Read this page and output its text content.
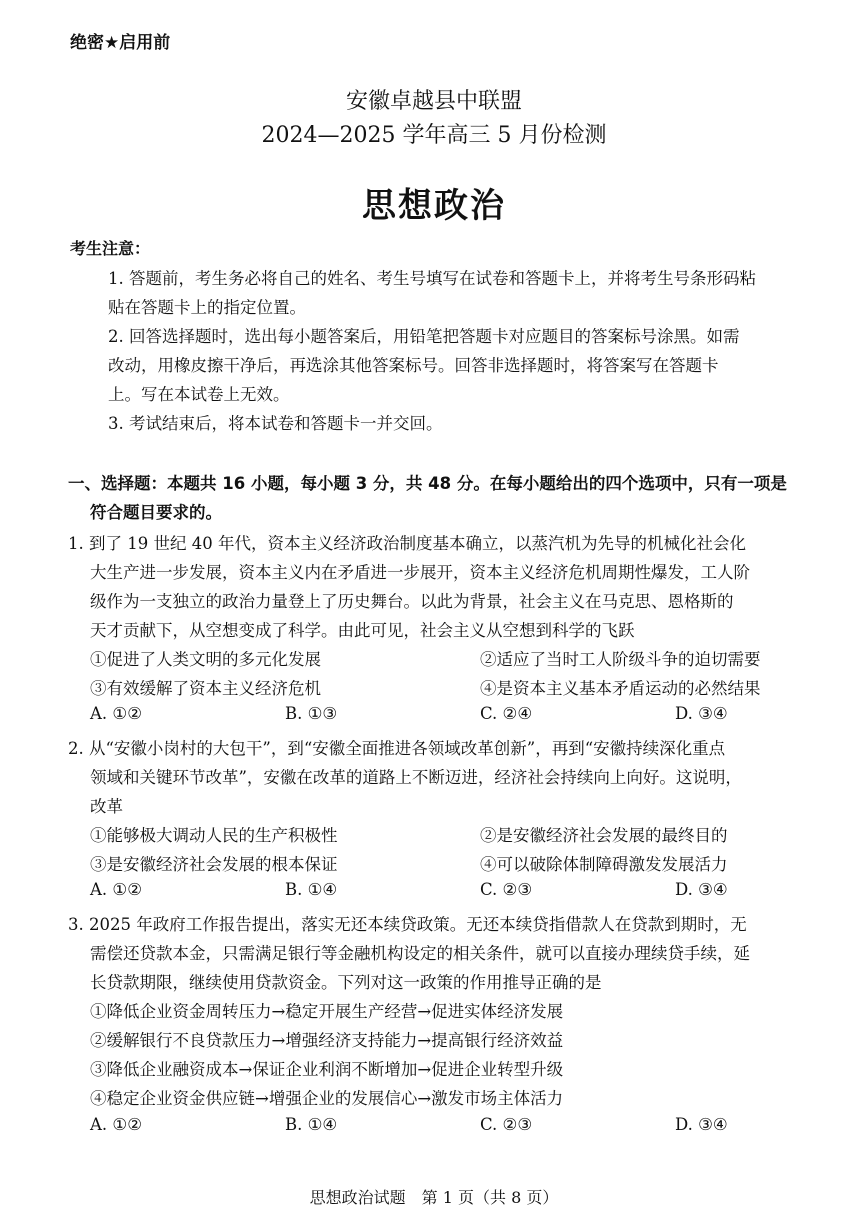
绝密★启用前
安徽卓越县中联盟
2024—2025 学年高三 5 月份检测
思想政治
考生注意：
1. 答题前，考生务必将自己的姓名、考生号填写在试卷和答题卡上，并将考生号条形码粘
贴在答题卡上的指定位置。
2. 回答选择题时，选出每小题答案后，用铅笔把答题卡对应题目的答案标号涂黑。如需
改动，用橡皮擦干净后，再选涂其他答案标号。回答非选择题时，将答案写在答题卡
上。写在本试卷上无效。
3. 考试结束后，将本试卷和答题卡一并交回。
一、选择题：本题共 16 小题，每小题 3 分，共 48 分。在每小题给出的四个选项中，只有一项是
符合题目要求的。
1. 到了 19 世纪 40 年代，资本主义经济政治制度基本确立，以蒸汽机为先导的机械化社会化
大生产进一步发展，资本主义内在矛盾进一步展开，资本主义经济危机周期性爆发，工人阶
级作为一支独立的政治力量登上了历史舞台。以此为背景，社会主义在马克思、恩格斯的
天才贡献下，从空想变成了科学。由此可见，社会主义从空想到科学的飞跃
①促进了人类文明的多元化发展	②适应了当时工人阶级斗争的迫切需要
③有效缓解了资本主义经济危机	④是资本主义基本矛盾运动的必然结果
A. ①②	B. ①③	C. ②④	D. ③④
2. 从“安徽小岗村的大包干”，到“安徽全面推进各领域改革创新”，再到“安徽持续深化重点
领域和关键环节改革”，安徽在改革的道路上不断迈进，经济社会持续向上向好。这说明，
改革
①能够极大调动人民的生产积极性	②是安徽经济社会发展的最终目的
③是安徽经济社会发展的根本保证	④可以破除体制障碍激发发展活力
A. ①②	B. ①④	C. ②③	D. ③④
3. 2025 年政府工作报告提出，落实无还本续贷政策。无还本续贷指借款人在贷款到期时，无
需偿还贷款本金，只需满足银行等金融机构设定的相关条件，就可以直接办理续贷手续，延
长贷款期限，继续使用贷款资金。下列对这一政策的作用推导正确的是
①降低企业资金周转压力→稳定开展生产经营→促进实体经济发展
②缓解银行不良贷款压力→增强经济支持能力→提高银行经济效益
③降低企业融资成本→保证企业利润不断增加→促进企业转型升级
④稳定企业资金供应链→增强企业的发展信心→激发市场主体活力
A. ①②	B. ①④	C. ②③	D. ③④
思想政治试题　第 1 页（共 8 页）
